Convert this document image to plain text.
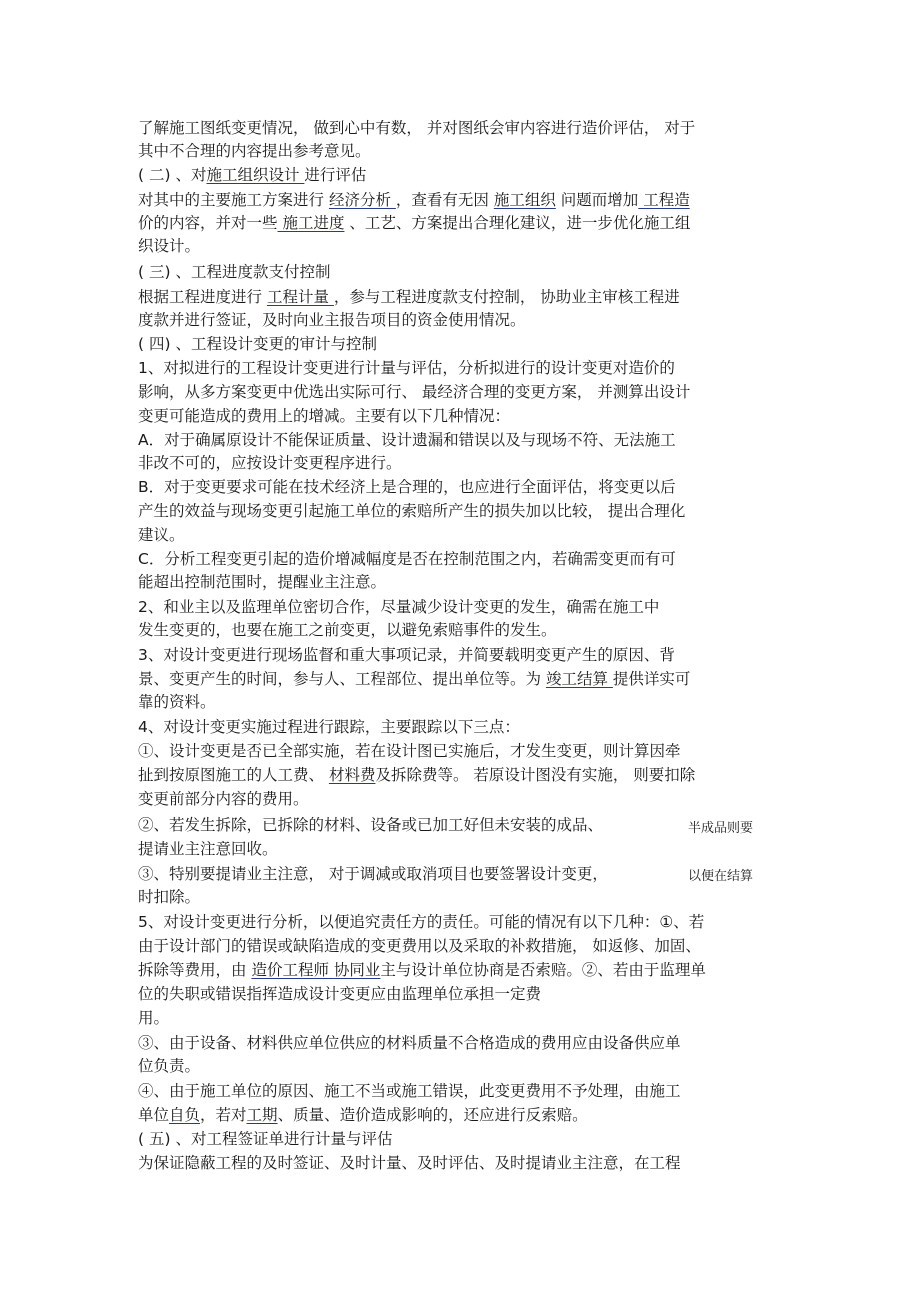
了解施工图纸变更情况， 做到心中有数， 并对图纸会审内容进行造价评估， 对于
其中不合理的内容提出参考意见。
( 二) 、对施工组织设计 进行评估
对其中的主要施工方案进行 经济分析 ，查看有无因 施工组织 问题而增加 工程造
价的内容，并对一些 施工进度 、工艺、方案提出合理化建议，进一步优化施工组
织设计。
( 三) 、工程进度款支付控制
根据工程进度进行 工程计量 ，参与工程进度款支付控制， 协助业主审核工程进
度款并进行签证，及时向业主报告项目的资金使用情况。
( 四) 、工程设计变更的审计与控制
1、对拟进行的工程设计变更进行计量与评估，分析拟进行的设计变更对造价的
影响，从多方案变更中优选出实际可行、 最经济合理的变更方案， 并测算出设计
变更可能造成的费用上的增减。主要有以下几种情况：
A．对于确属原设计不能保证质量、设计遗漏和错误以及与现场不符、无法施工
非改不可的，应按设计变更程序进行。
B．对于变更要求可能在技术经济上是合理的，也应进行全面评估，将变更以后
产生的效益与现场变更引起施工单位的索赔所产生的损失加以比较， 提出合理化
建议。
C．分析工程变更引起的造价增减幅度是否在控制范围之内，若确需变更而有可
能超出控制范围时，提醒业主注意。
2、和业主以及监理单位密切合作，尽量减少设计变更的发生，确需在施工中
发生变更的，也要在施工之前变更，以避免索赔事件的发生。
3、对设计变更进行现场监督和重大事项记录，并简要载明变更产生的原因、背
景、变更产生的时间，参与人、工程部位、提出单位等。为 竣工结算 提供详实可
靠的资料。
4、对设计变更实施过程进行跟踪，主要跟踪以下三点：
①、设计变更是否已全部实施，若在设计图已实施后，才发生变更，则计算因牵
扯到按原图施工的人工费、 材料费及拆除费等。 若原设计图没有实施， 则要扣除
变更前部分内容的费用。
②、若发生拆除，已拆除的材料、设备或已加工好但未安装的成品、
提请业主注意回收。
③、特别要提请业主注意， 对于调减或取消项目也要签署设计变更，
时扣除。
5、对设计变更进行分析，以便追究责任方的责任。可能的情况有以下几种：①、若
由于设计部门的错误或缺陷造成的变更费用以及采取的补救措施， 如返修、加固、
拆除等费用，由 造价工程师 协同业主与设计单位协商是否索赔。②、若由于监理单
位的失职或错误指挥造成设计变更应由监理单位承担一定费
用。
③、由于设备、材料供应单位供应的材料质量不合格造成的费用应由设备供应单
位负责。
④、由于施工单位的原因、施工不当或施工错误，此变更费用不予处理，由施工
单位自负，若对工期、质量、造价造成影响的，还应进行反索赔。
( 五) 、对工程签证单进行计量与评估
为保证隐蔽工程的及时签证、及时计量、及时评估、及时提请业主注意，在工程
半成品则要
以便在结算
